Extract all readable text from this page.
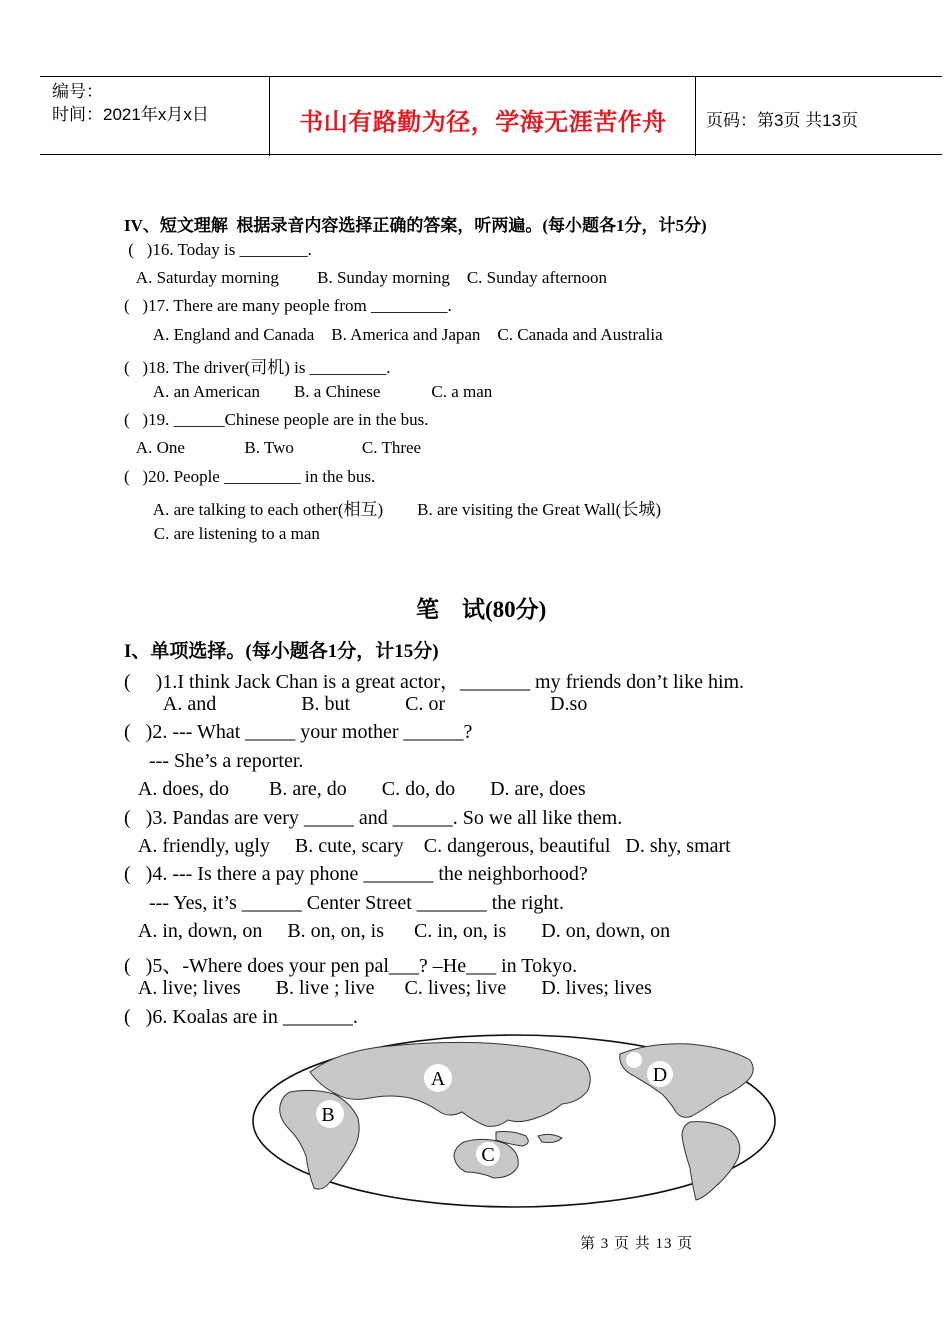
编号：
时间：2021年x月x日	书山有路勤为径，学海无涯苦作舟	页码：第3页 共13页
IV、短文理解  根据录音内容选择正确的答案，听两遍。(每小题各1分，计5分)
(   )16. Today is ________.
A. Saturday morning         B. Sunday morning    C. Sunday afternoon
(   )17. There are many people from _________.
A. England and Canada    B. America and Japan    C. Canada and Australia
(   )18. The driver(司机) is _________.
A. an American        B. a Chinese            C. a man
(   )19. ______Chinese people are in the bus.
A. One              B. Two                C. Three
(   )20. People _________ in the bus.
A. are talking to each other(相互)        B. are visiting the Great Wall(长城)
C. are listening to a man
笔    试(80分)
I、单项选择。(每小题各1分，计15分)
(     )1.I think Jack Chan is a great actor，_______ my friends don’t like him.
A. and                 B. but           C. or                     D.so
(   )2. --- What _____ your mother ______?
--- She’s a reporter.
A. does, do        B. are, do       C. do, do       D. are, does
(   )3. Pandas are very _____ and ______. So we all like them.
A. friendly, ugly     B. cute, scary    C. dangerous, beautiful   D. shy, smart
(   )4. --- Is there a pay phone _______ the neighborhood?
--- Yes, it’s ______ Center Street _______ the right.
A. in, down, on     B. on, on, is      C. in, on, is       D. on, down, on
(   )5、-Where does your pen pal___? –He___ in Tokyo.
A. live; lives       B. live ; live      C. lives; live       D. lives; lives
(   )6. Koalas are in _______.
A
B
C
D
第 3 页 共 13 页
